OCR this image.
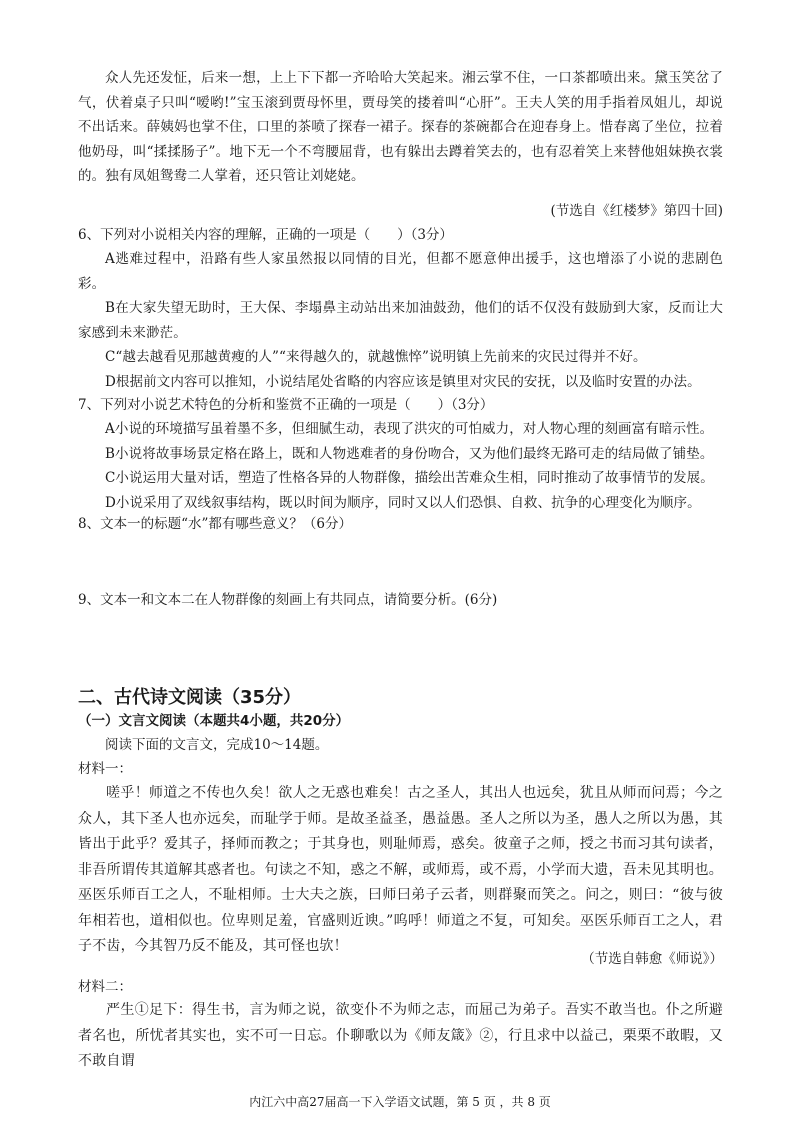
众人先还发怔，后来一想，上上下下都一齐哈哈大笑起来。湘云掌不住，一口茶都喷出来。黛玉笑岔了气，伏着桌子只叫“嗳哟!”宝玉滚到贾母怀里，贾母笑的搂着叫“心肝”。王夫人笑的用手指着凤姐儿，却说不出话来。薛姨妈也掌不住，口里的茶喷了探春一裙子。探春的茶碗都合在迎春身上。惜春离了坐位，拉着他奶母，叫“揉揉肠子”。地下无一个不弯腰屈背，也有躲出去蹲着笑去的，也有忍着笑上来替他姐妹换衣裳的。独有凤姐鸳鸯二人掌着，还只管让刘姥姥。
(节选自《红楼梦》第四十回)
6、下列对小说相关内容的理解，正确的一项是（　　）（3分）
A逃难过程中，沿路有些人家虽然报以同情的目光，但都不愿意伸出援手，这也增添了小说的悲剧色彩。
B在大家失望无助时，王大保、李塌鼻主动站出来加油鼓劲，他们的话不仅没有鼓励到大家，反而让大家感到未来渺茫。
C“越去越看见那越黄瘦的人”“来得越久的，就越憔悴”说明镇上先前来的灾民过得并不好。
D根据前文内容可以推知，小说结尾处省略的内容应该是镇里对灾民的安抚，以及临时安置的办法。
7、下列对小说艺术特色的分析和鉴赏不正确的一项是（　　）（3分）
A小说的环境描写虽着墨不多，但细腻生动，表现了洪灾的可怕威力，对人物心理的刻画富有暗示性。
B小说将故事场景定格在路上，既和人物逃难者的身份吻合，又为他们最终无路可走的结局做了铺垫。
C小说运用大量对话，塑造了性格各异的人物群像，描绘出苦难众生相，同时推动了故事情节的发展。
D小说采用了双线叙事结构，既以时间为顺序，同时又以人们恐惧、自救、抗争的心理变化为顺序。
8、文本一的标题“水”都有哪些意义？（6分）
9、文本一和文本二在人物群像的刻画上有共同点，请简要分析。(6分)
二、古代诗文阅读（35分）
（一）文言文阅读（本题共4小题，共20分）
阅读下面的文言文，完成10～14题。
材料一：
嗟乎！师道之不传也久矣！欲人之无惑也难矣！古之圣人，其出人也远矣，犹且从师而问焉；今之众人，其下圣人也亦远矣，而耻学于师。是故圣益圣，愚益愚。圣人之所以为圣，愚人之所以为愚，其皆出于此乎？爱其子，择师而教之；于其身也，则耻师焉，惑矣。彼童子之师，授之书而习其句读者，非吾所谓传其道解其惑者也。句读之不知，惑之不解，或师焉，或不焉，小学而大遗，吾未见其明也。巫医乐师百工之人，不耻相师。士大夫之族，曰师曰弟子云者，则群聚而笑之。问之，则曰：“彼与彼年相若也，道相似也。位卑则足羞，官盛则近谀。”呜呼！师道之不复，可知矣。巫医乐师百工之人，君子不齿，今其智乃反不能及，其可怪也欤！
（节选自韩愈《师说》）
材料二：
严生①足下：得生书，言为师之说，欲变仆不为师之志，而屈己为弟子。吾实不敢当也。仆之所避者名也，所忧者其实也，实不可一日忘。仆聊歌以为《师友箴》②，行且求中以益己，栗栗不敢暇，又不敢自谓
内江六中高27届高一下入学语文试题，第 5 页 ，共 8 页
